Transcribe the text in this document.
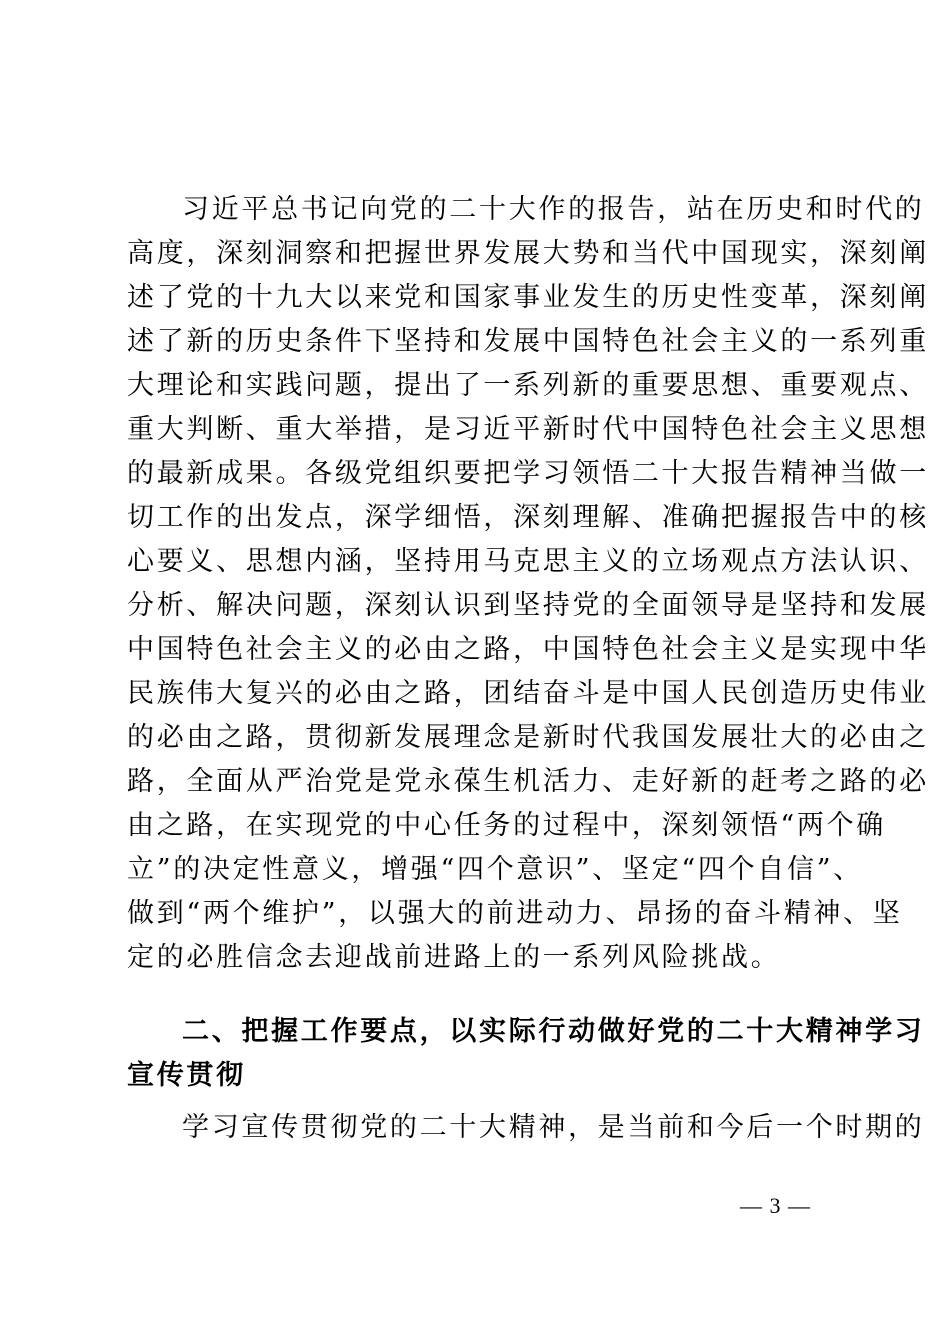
习近平总书记向党的二十大作的报告，站在历史和时代的
高度，深刻洞察和把握世界发展大势和当代中国现实，深刻阐
述了党的十九大以来党和国家事业发生的历史性变革，深刻阐
述了新的历史条件下坚持和发展中国特色社会主义的一系列重
大理论和实践问题，提出了一系列新的重要思想、重要观点、
重大判断、重大举措，是习近平新时代中国特色社会主义思想
的最新成果。各级党组织要把学习领悟二十大报告精神当做一
切工作的出发点，深学细悟，深刻理解、准确把握报告中的核
心要义、思想内涵，坚持用马克思主义的立场观点方法认识、
分析、解决问题，深刻认识到坚持党的全面领导是坚持和发展
中国特色社会主义的必由之路，中国特色社会主义是实现中华
民族伟大复兴的必由之路，团结奋斗是中国人民创造历史伟业
的必由之路，贯彻新发展理念是新时代我国发展壮大的必由之
路，全面从严治党是党永葆生机活力、走好新的赶考之路的必
由之路，在实现党的中心任务的过程中，深刻领悟“两个确
立”的决定性意义，增强“四个意识”、坚定“四个自信”、
做到“两个维护”，以强大的前进动力、昂扬的奋斗精神、坚
定的必胜信念去迎战前进路上的一系列风险挑战。
二、把握工作要点，以实际行动做好党的二十大精神学习
宣传贯彻
学习宣传贯彻党的二十大精神，是当前和今后一个时期的
— 3 —
